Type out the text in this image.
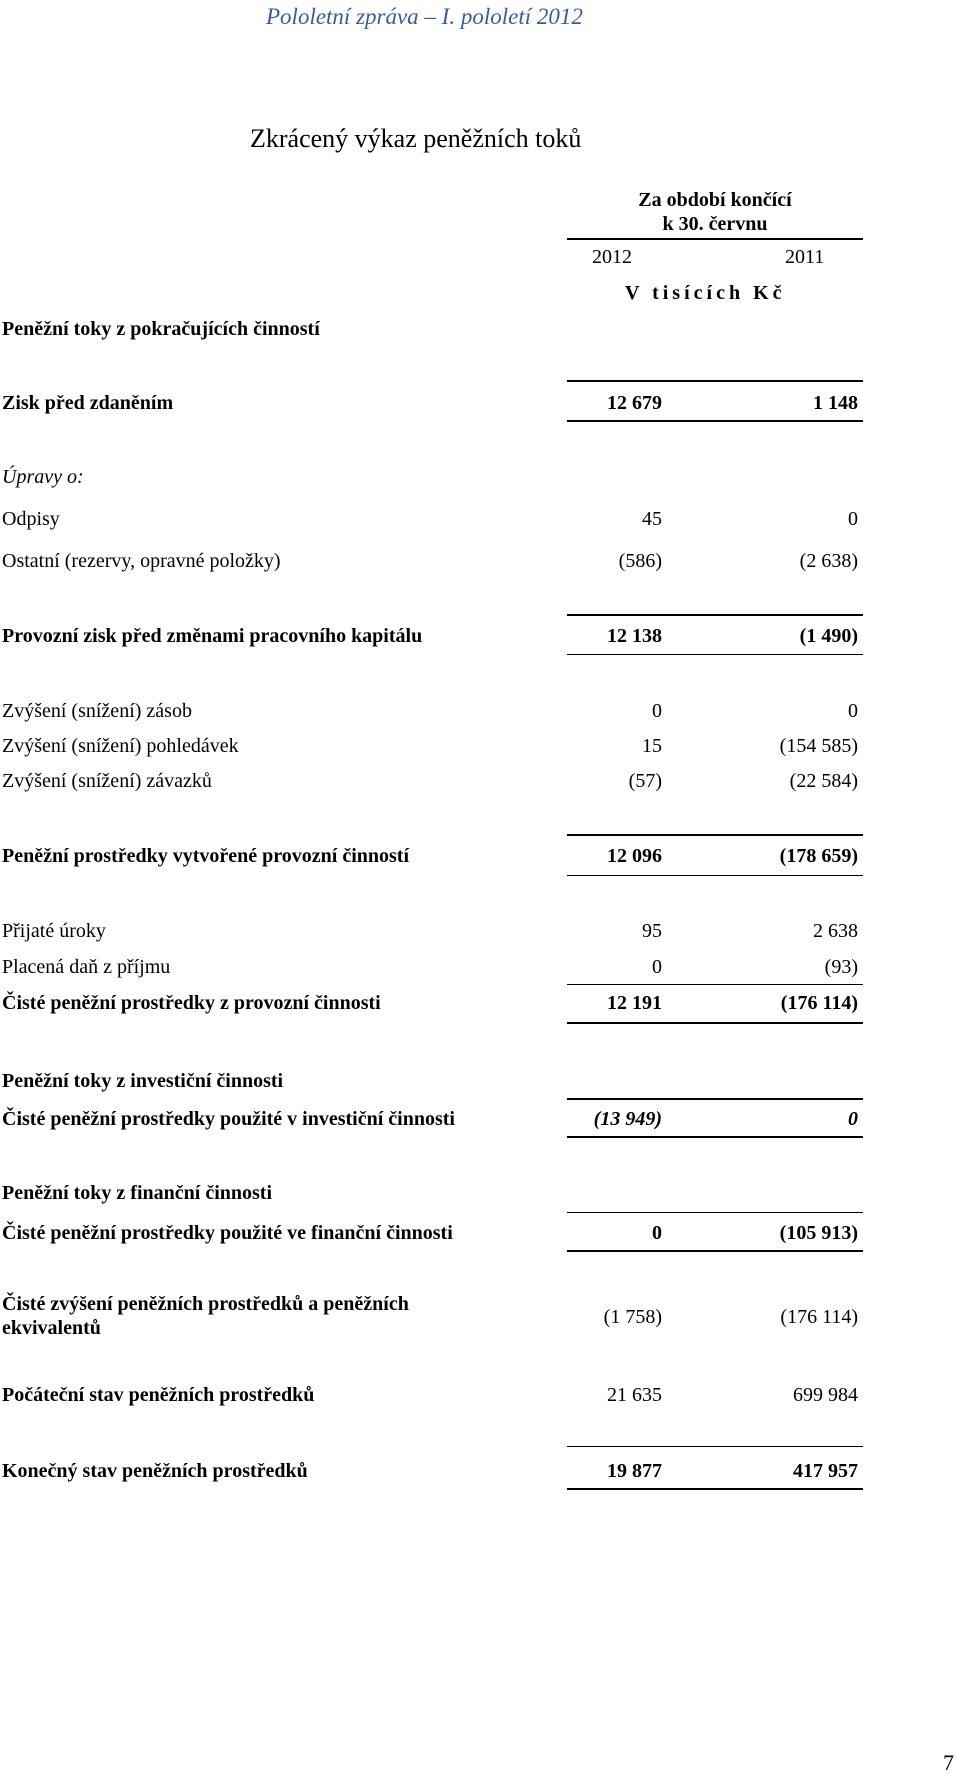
Pololetní zpráva – I. pololetí 2012
Zkrácený výkaz peněžních toků
Za období končící
k 30. červnu
2012	2011
V tisících Kč
Peněžní toky z pokračujících činností
Zisk před zdaněním	12 679	1 148
Úpravy o:
Odpisy	45	0
Ostatní (rezervy, opravné položky)	(586)	(2 638)
Provozní zisk před změnami pracovního kapitálu	12 138	(1 490)
Zvýšení (snížení) zásob	0	0
Zvýšení (snížení) pohledávek	15	(154 585)
Zvýšení (snížení) závazků	(57)	(22 584)
Peněžní prostředky vytvořené provozní činností	12 096	(178 659)
Přijaté úroky	95	2 638
Placená daň z příjmu	0	(93)
Čisté peněžní prostředky z provozní činnosti	12 191	(176 114)
Peněžní toky z investiční činnosti
Čisté peněžní prostředky použité v investiční činnosti	(13 949)	0
Peněžní toky z finanční činnosti
Čisté peněžní prostředky použité ve finanční činnosti	0	(105 913)
Čisté zvýšení peněžních prostředků a peněžních ekvivalentů	(1 758)	(176 114)
Počáteční stav peněžních prostředků	21 635	699 984
Konečný stav peněžních prostředků	19 877	417 957
7
